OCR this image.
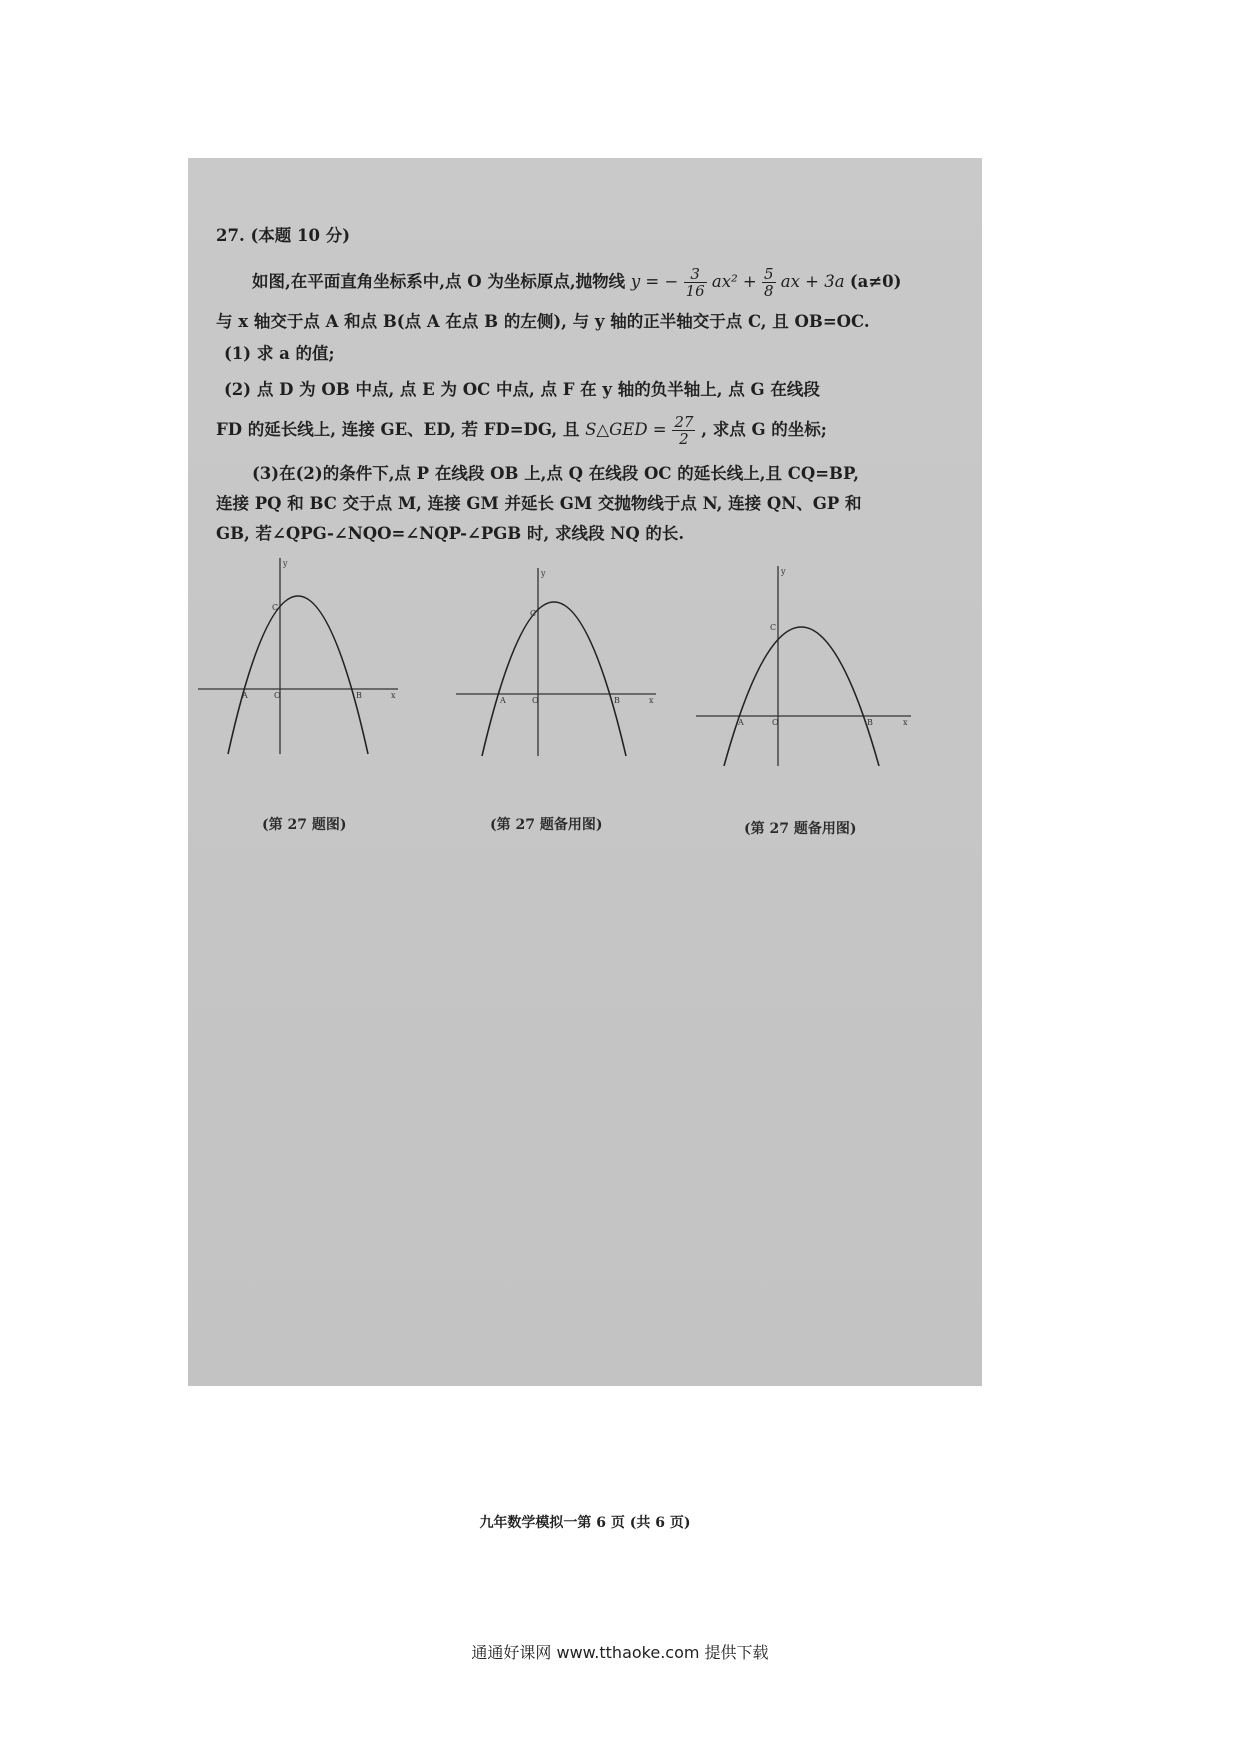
27. (本题 10 分)
如图,在平面直角坐标系中,点 O 为坐标原点,抛物线 y = − $\frac{3}{16} ax^2 + \frac{5}{8}$ ax + 3a (a≠0)
与 x 轴交于点 A 和点 B(点 A 在点 B 的左侧), 与 y 轴的正半轴交于点 C, 且 OB=OC.
(1) 求 a 的值;
(2) 点 D 为 OB 中点, 点 E 为 OC 中点, 点 F 在 y 轴的负半轴上, 点 G 在线段
FD 的延长线上, 连接 GE、ED, 若 FD=DG, 且 S△GED = $\frac{27}{2}$ , 求点 G 的坐标;
(3)在(2)的条件下,点 P 在线段 OB 上,点 Q 在线段 OC 的延长线上,且 CQ=BP,
连接 PQ 和 BC 交于点 M, 连接 GM 并延长 GM 交抛物线于点 N, 连接 QN、GP 和
GB, 若∠QPG-∠NQO=∠NQP-∠PGB 时, 求线段 NQ 的长.
y
x
C
A	O	B
(第 27 题图)
y
x
C
A	O	B
(第 27 题备用图)
y
x
C
A	O	B
(第 27 题备用图)
九年数学模拟一第 6 页 (共 6 页)
通通好课网 www.tthaoke.com 提供下载
